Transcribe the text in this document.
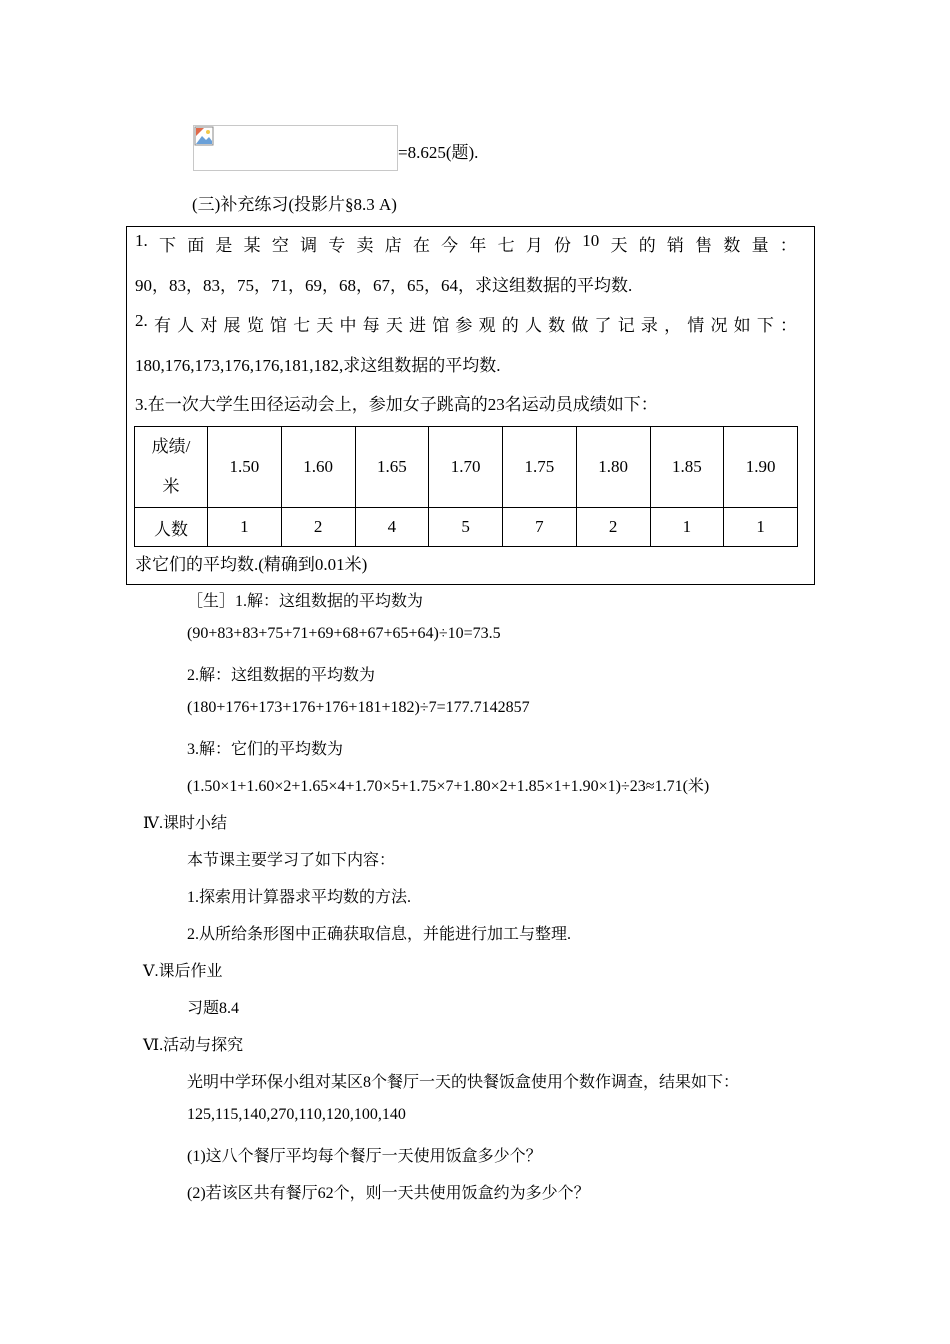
=8.625(题).
(三)补充练习(投影片§8.3 A)
1. 下 面 是 某 空 调 专 卖 店 在 今 年 七 月 份 10 天 的 销 售 数 量 ：
90，83，83，75，71，69，68，67，65，64，求这组数据的平均数.
2. 有 人 对 展 览 馆 七 天 中 每 天 进 馆 参 观 的 人 数 做 了 记 录 ， 情 况 如 下 ：
180,176,173,176,176,181,182,求这组数据的平均数.
3.在一次大学生田径运动会上，参加女子跳高的23名运动员成绩如下：
成绩/
米	1.50	1.60	1.65	1.70	1.75	1.80	1.85	1.90
人数	1	2	4	5	7	2	1	1
求它们的平均数.(精确到0.01米)
［生］1.解：这组数据的平均数为
(90+83+83+75+71+69+68+67+65+64)÷10=73.5
2.解：这组数据的平均数为
(180+176+173+176+176+181+182)÷7=177.7142857
3.解：它们的平均数为
(1.50×1+1.60×2+1.65×4+1.70×5+1.75×7+1.80×2+1.85×1+1.90×1)÷23≈1.71(米)
Ⅳ.课时小结
本节课主要学习了如下内容：
1.探索用计算器求平均数的方法.
2.从所给条形图中正确获取信息，并能进行加工与整理.
Ⅴ.课后作业
习题8.4
Ⅵ.活动与探究
光明中学环保小组对某区8个餐厅一天的快餐饭盒使用个数作调查，结果如下：
125,115,140,270,110,120,100,140
(1)这八个餐厅平均每个餐厅一天使用饭盒多少个？
(2)若该区共有餐厅62个，则一天共使用饭盒约为多少个？
